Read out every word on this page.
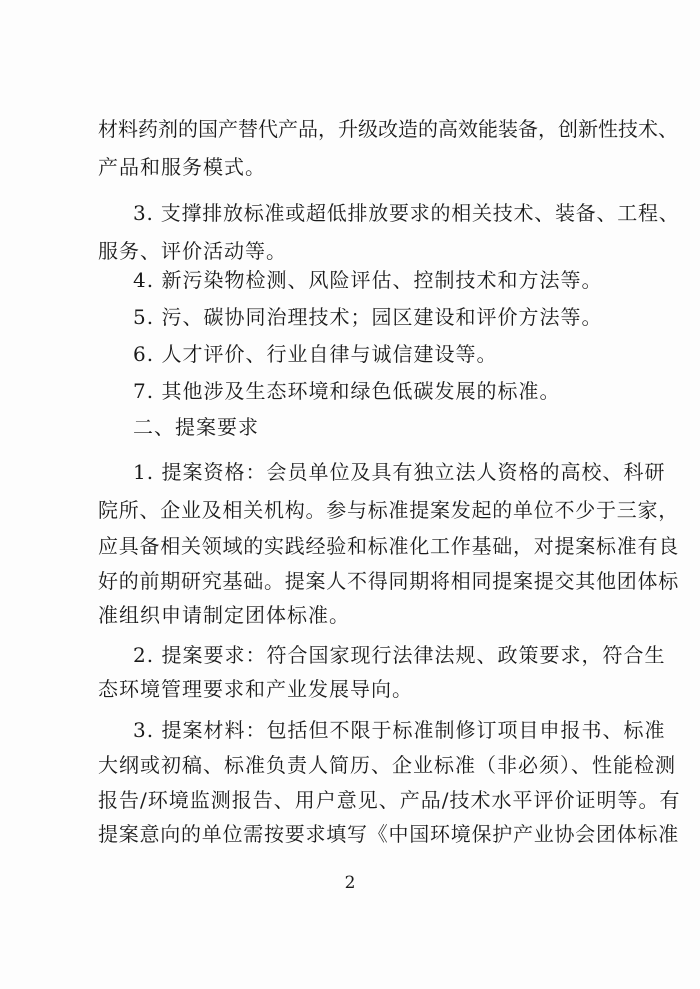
材料药剂的国产替代产品，升级改造的高效能装备，创新性技术、
产品和服务模式。
3. 支撑排放标准或超低排放要求的相关技术、装备、工程、
服务、评价活动等。
4. 新污染物检测、风险评估、控制技术和方法等。
5. 污、碳协同治理技术；园区建设和评价方法等。
6. 人才评价、行业自律与诚信建设等。
7. 其他涉及生态环境和绿色低碳发展的标准。
二、提案要求
1. 提案资格：会员单位及具有独立法人资格的高校、科研
院所、企业及相关机构。参与标准提案发起的单位不少于三家，
应具备相关领域的实践经验和标准化工作基础，对提案标准有良
好的前期研究基础。提案人不得同期将相同提案提交其他团体标
准组织申请制定团体标准。
2. 提案要求：符合国家现行法律法规、政策要求，符合生
态环境管理要求和产业发展导向。
3. 提案材料：包括但不限于标准制修订项目申报书、标准
大纲或初稿、标准负责人简历、企业标准（非必须）、性能检测
报告/环境监测报告、用户意见、产品/技术水平评价证明等。有
提案意向的单位需按要求填写《中国环境保护产业协会团体标准
2
